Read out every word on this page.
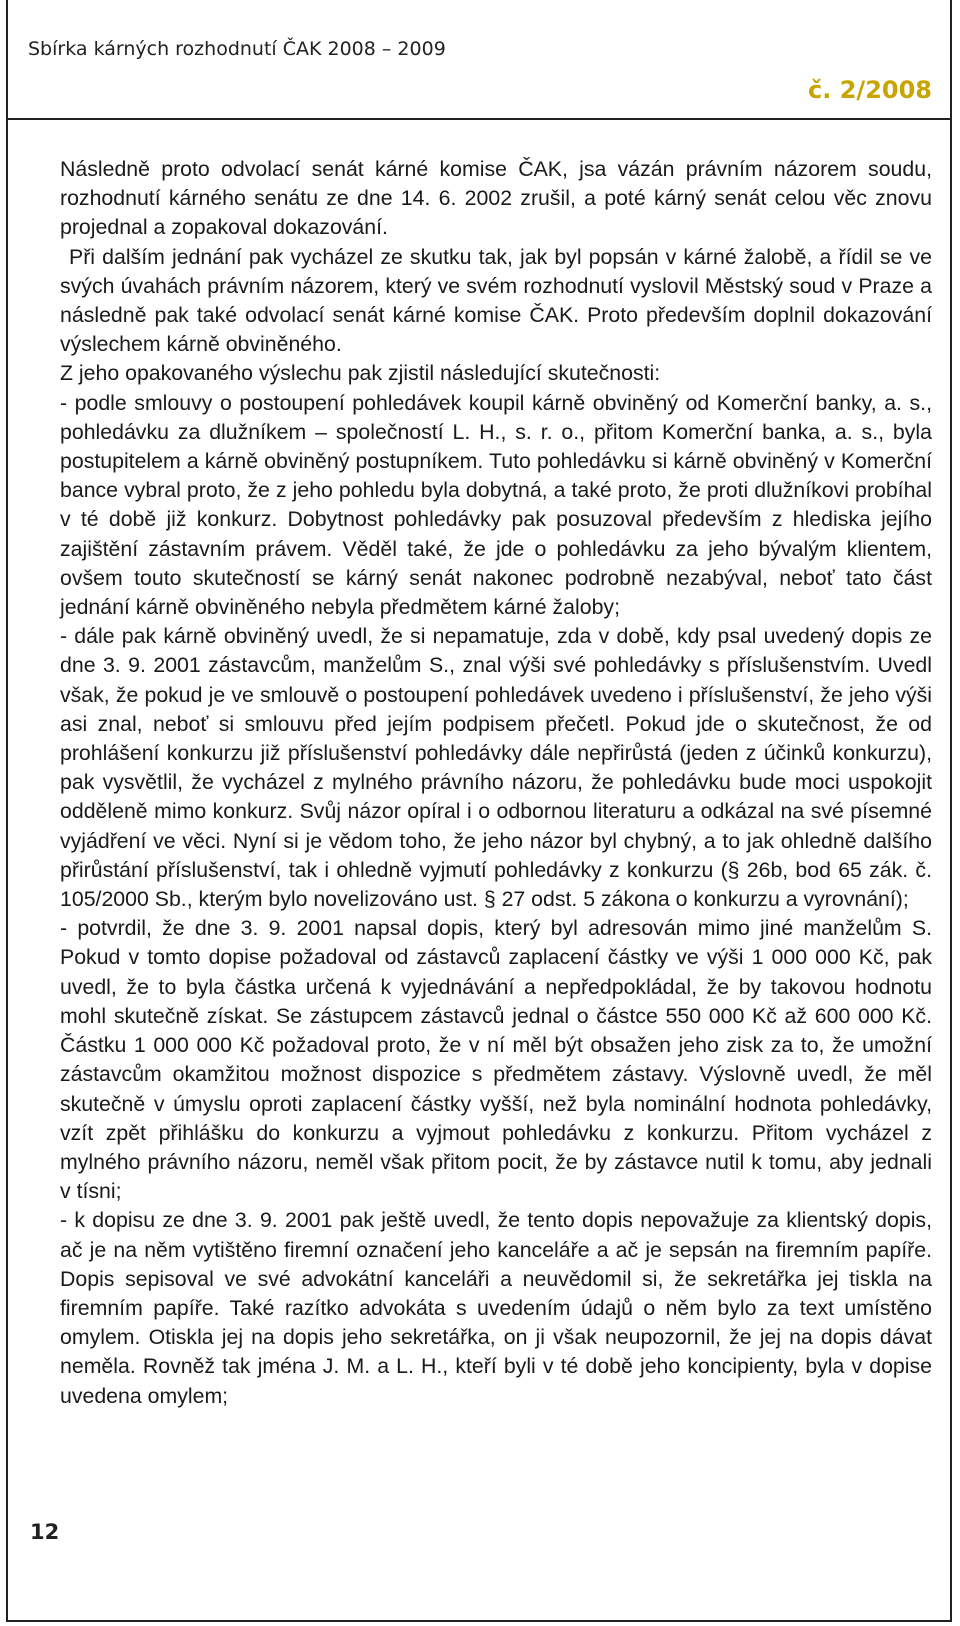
Sbírka kárných rozhodnutí ČAK 2008 – 2009
č. 2/2008

Následně proto odvolací senát kárné komise ČAK, jsa vázán právním názorem soudu, rozhodnutí kárného senátu ze dne 14. 6. 2002 zrušil, a poté kárný senát celou věc znovu projednal a zopakoval dokazování.

Při dalším jednání pak vycházel ze skutku tak, jak byl popsán v kárné žalobě, a řídil se ve svých úvahách právním názorem, který ve svém rozhodnutí vyslovil Městský soud v Praze a následně pak také odvolací senát kárné komise ČAK. Proto především doplnil dokazování výslechem kárně obviněného.

Z jeho opakovaného výslechu pak zjistil následující skutečnosti:

- podle smlouvy o postoupení pohledávek koupil kárně obviněný od Komerční banky, a. s., pohledávku za dlužníkem – společností L. H., s. r. o., přitom Komerční banka, a. s., byla postupitelem a kárně obviněný postupníkem. Tuto pohledávku si kárně obviněný v Komerční bance vybral proto, že z jeho pohledu byla dobytná, a také proto, že proti dlužníkovi probíhal v té době již konkurz. Dobytnost pohledávky pak posuzoval především z hlediska jejího zajištění zástavním právem. Věděl také, že jde o pohledávku za jeho bývalým klientem, ovšem touto skutečností se kárný senát nakonec podrobně nezabýval, neboť tato část jednání kárně obviněného nebyla předmětem kárné žaloby;

- dále pak kárně obviněný uvedl, že si nepamatuje, zda v době, kdy psal uvedený dopis ze dne 3. 9. 2001 zástavcům, manželům S., znal výši své pohledávky s příslušenstvím. Uvedl však, že pokud je ve smlouvě o postoupení pohledávek uvedeno i příslušenství, že jeho výši asi znal, neboť si smlouvu před jejím podpisem přečetl. Pokud jde o skutečnost, že od prohlášení konkurzu již příslušenství pohledávky dále nepřirůstá (jeden z účinků konkurzu), pak vysvětlil, že vycházel z mylného právního názoru, že pohledávku bude moci uspokojit odděleně mimo konkurz. Svůj názor opíral i o odbornou literaturu a odkázal na své písemné vyjádření ve věci. Nyní si je vědom toho, že jeho názor byl chybný, a to jak ohledně dalšího přirůstání příslušenství, tak i ohledně vyjmutí pohledávky z konkurzu (§ 26b, bod 65 zák. č. 105/2000 Sb., kterým bylo novelizováno ust. § 27 odst. 5 zákona o konkurzu a vyrovnání);

- potvrdil, že dne 3. 9. 2001 napsal dopis, který byl adresován mimo jiné manželům S. Pokud v tomto dopise požadoval od zástavců zaplacení částky ve výši 1 000 000 Kč, pak uvedl, že to byla částka určená k vyjednávání a nepředpokládal, že by takovou hodnotu mohl skutečně získat. Se zástupcem zástavců jednal o částce 550 000 Kč až 600 000 Kč. Částku 1 000 000 Kč požadoval proto, že v ní měl být obsažen jeho zisk za to, že umožní zástavcům okamžitou možnost dispozice s předmětem zástavy. Výslovně uvedl, že měl skutečně v úmyslu oproti zaplacení částky vyšší, než byla nominální hodnota pohledávky, vzít zpět přihlášku do konkurzu a vyjmout pohledávku z konkurzu. Přitom vycházel z mylného právního názoru, neměl však přitom pocit, že by zástavce nutil k tomu, aby jednali v tísni;

- k dopisu ze dne 3. 9. 2001 pak ještě uvedl, že tento dopis nepovažuje za klientský dopis, ač je na něm vytištěno firemní označení jeho kanceláře a ač je sepsán na firemním papíře. Dopis sepisoval ve své advokátní kanceláři a neuvědomil si, že sekretářka jej tiskla na firemním papíře. Také razítko advokáta s uvedením údajů o něm bylo za text umístěno omylem. Otiskla jej na dopis jeho sekretářka, on ji však neupozornil, že jej na dopis dávat neměla. Rovněž tak jména J. M. a L. H., kteří byli v té době jeho koncipienty, byla v dopise uvedena omylem;

12
